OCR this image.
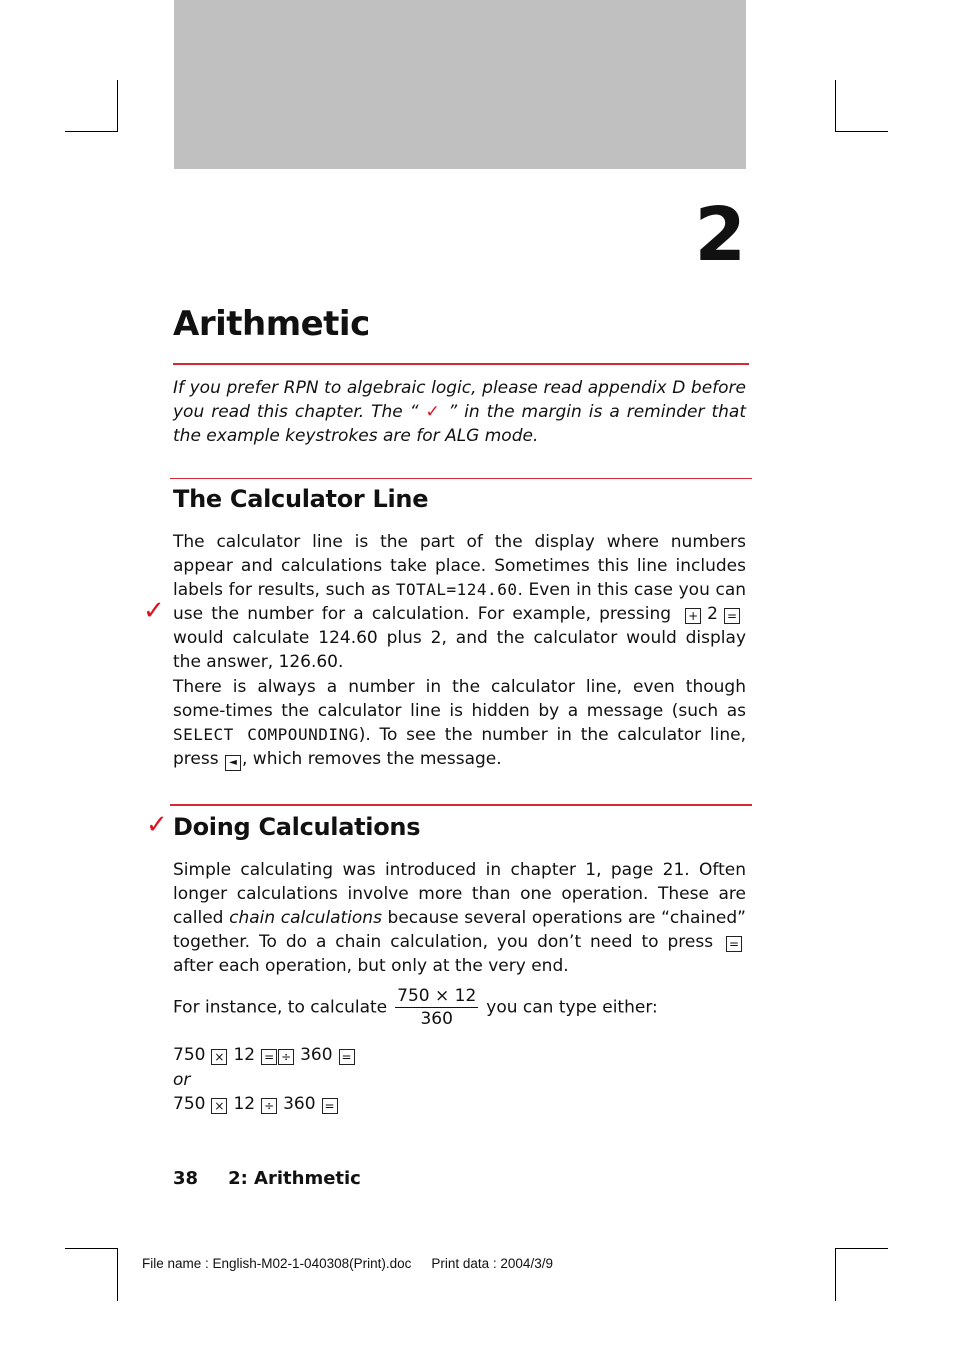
2
Arithmetic
If you prefer RPN to algebraic logic, please read appendix D before you read this chapter. The “ ✓ ” in the margin is a reminder that the example keystrokes are for ALG mode.
The Calculator Line
✓
The calculator line is the part of the display where numbers appear and calculations take place. Sometimes this line includes labels for results, such as TOTAL=124.60. Even in this case you can use the number for a calculation. For example, pressing + 2 =would calculate 124.60 plus 2, and the calculator would display the answer, 126.60.
There is always a number in the calculator line, even though some-times the calculator line is hidden by a message (such as SELECT COMPOUNDING). To see the number in the calculator line, press ◄ , which removes the message.
✓ Doing Calculations
Simple calculating was introduced in chapter 1, page 21. Often longer calculations involve more than one operation. These are called chain calculations because several operations are “chained” together. To do a chain calculation, you don’t need to press = after each operation, but only at the very end.
For instance, to calculate $\frac{750 \times 12}{360}$ you can type either:
750 × 12 = ÷ 360 =
or
750 × 12 ÷ 360 =
38 2: Arithmetic
File name : English-M02-1-040308(Print).doc Print data : 2004/3/9
